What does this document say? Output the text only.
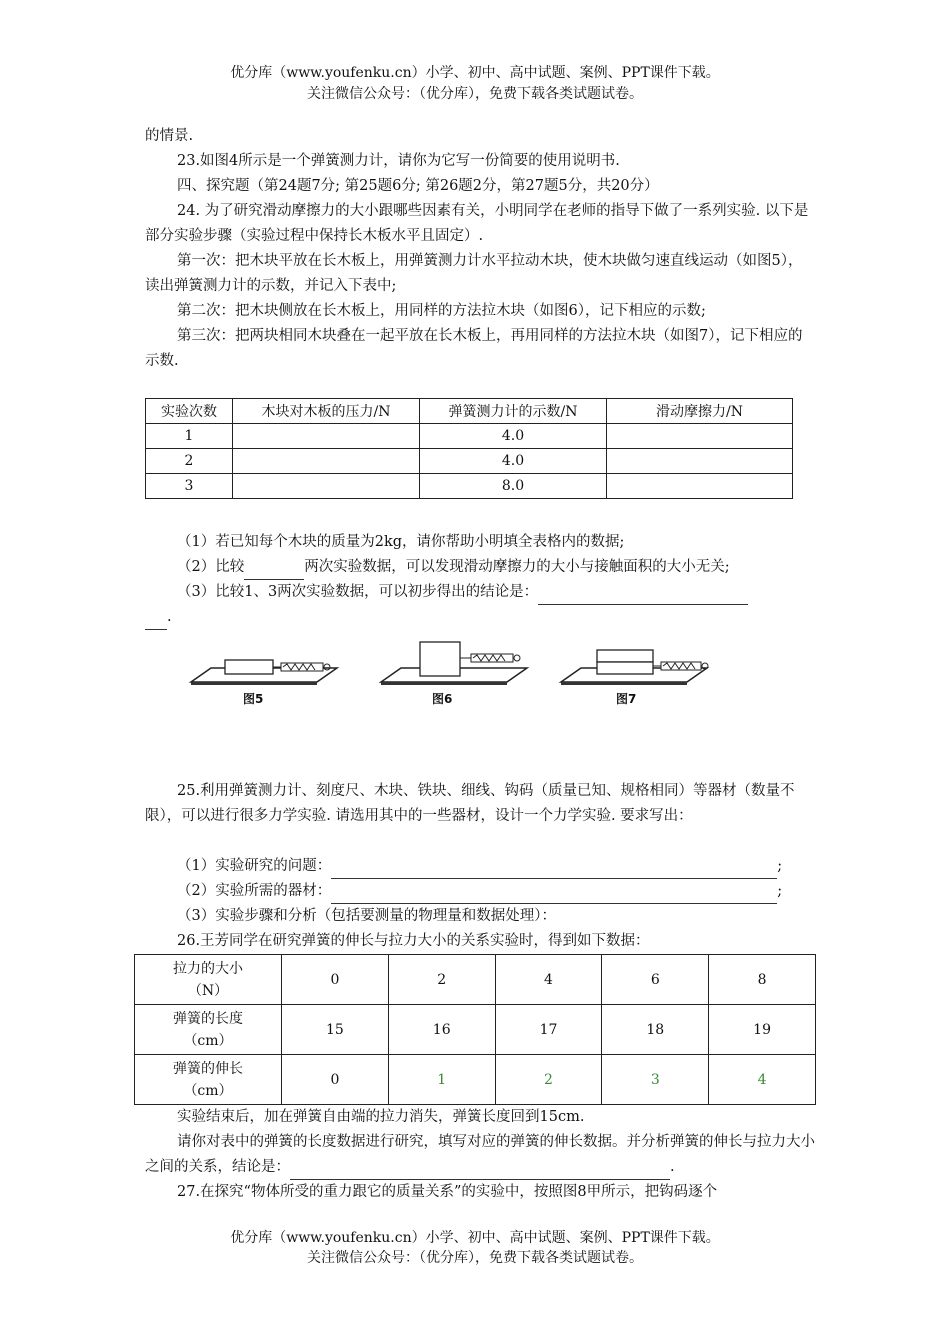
优分库（www.youfenku.cn）小学、初中、高中试题、案例、PPT课件下载。
关注微信公众号：（优分库），免费下载各类试题试卷。
的情景.
23.如图4所示是一个弹簧测力计，请你为它写一份简要的使用说明书.
四、探究题（第24题7分; 第25题6分; 第26题2分，第27题5分，共20分）
24. 为了研究滑动摩擦力的大小跟哪些因素有关，小明同学在老师的指导下做了一系列实验. 以下是部分实验步骤（实验过程中保持长木板水平且固定）.
第一次：把木块平放在长木板上，用弹簧测力计水平拉动木块，使木块做匀速直线运动（如图5），读出弹簧测力计的示数，并记入下表中;
第二次：把木块侧放在长木板上，用同样的方法拉木块（如图6），记下相应的示数;
第三次：把两块相同木块叠在一起平放在长木板上，再用同样的方法拉木块（如图7），记下相应的示数.
实验次数	木块对木板的压力/N	弹簧测力计的示数/N	滑动摩擦力/N
1		4.0	
2		4.0	
3		8.0	
（1）若已知每个木块的质量为2kg，请你帮助小明填全表格内的数据;
（2）比较	两次实验数据，可以发现滑动摩擦力的大小与接触面积的大小无关;
（3）比较1、3两次实验数据，可以初步得出的结论是：
.
图5	图6	图7
25.利用弹簧测力计、刻度尺、木块、铁块、细线、钩码（质量已知、规格相同）等器材（数量不限），可以进行很多力学实验. 请选用其中的一些器材，设计一个力学实验. 要求写出：
（1）实验研究的问题：	;
（2）实验所需的器材：	;
（3）实验步骤和分析（包括要测量的物理量和数据处理）：
26.王芳同学在研究弹簧的伸长与拉力大小的关系实验时，得到如下数据：
拉力的大小
（N）	0	2	4	6	8

弹簧的长度
（cm）	15	16	17	18	19

弹簧的伸长
（cm）	0	1	2	3	4
实验结束后，加在弹簧自由端的拉力消失，弹簧长度回到15cm.
请你对表中的弹簧的长度数据进行研究，填写对应的弹簧的伸长数据。并分析弹簧的伸长与拉力大小之间的关系，结论是：	.
27.在探究“物体所受的重力跟它的质量关系”的实验中，按照图8甲所示，把钩码逐个
优分库（www.youfenku.cn）小学、初中、高中试题、案例、PPT课件下载。
关注微信公众号：（优分库），免费下载各类试题试卷。
